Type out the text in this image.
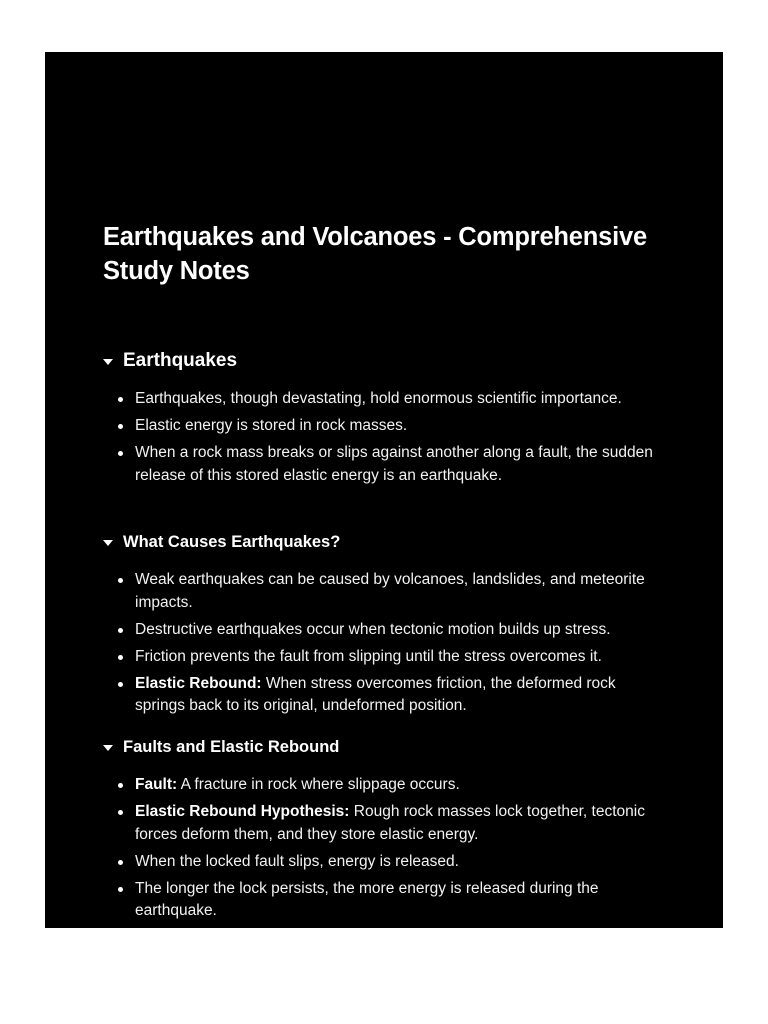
Earthquakes and Volcanoes - Comprehensive Study Notes
Earthquakes
Earthquakes, though devastating, hold enormous scientific importance.
Elastic energy is stored in rock masses.
When a rock mass breaks or slips against another along a fault, the sudden release of this stored elastic energy is an earthquake.
What Causes Earthquakes?
Weak earthquakes can be caused by volcanoes, landslides, and meteorite impacts.
Destructive earthquakes occur when tectonic motion builds up stress.
Friction prevents the fault from slipping until the stress overcomes it.
Elastic Rebound: When stress overcomes friction, the deformed rock springs back to its original, undeformed position.
Faults and Elastic Rebound
Fault: A fracture in rock where slippage occurs.
Elastic Rebound Hypothesis: Rough rock masses lock together, tectonic forces deform them, and they store elastic energy.
When the locked fault slips, energy is released.
The longer the lock persists, the more energy is released during the earthquake.
